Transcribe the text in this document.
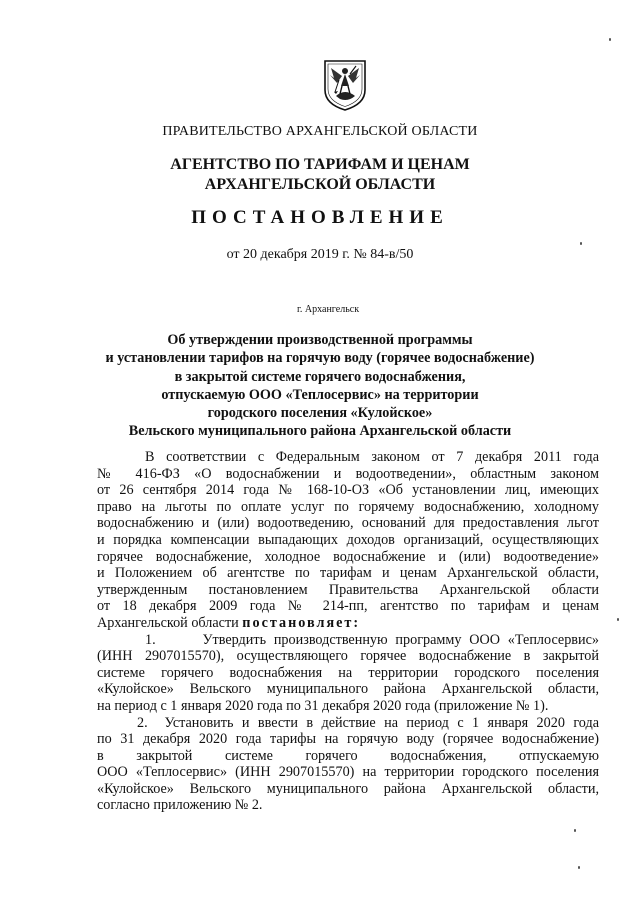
ПРАВИТЕЛЬСТВО АРХАНГЕЛЬСКОЙ ОБЛАСТИ
АГЕНТСТВО ПО ТАРИФАМ И ЦЕНАМ
АРХАНГЕЛЬСКОЙ ОБЛАСТИ
ПОСТАНОВЛЕНИЕ
от 20 декабря 2019 г. № 84-в/50
г. Архангельск
Об утверждении производственной программы
и установлении тарифов на горячую воду (горячее водоснабжение)
в закрытой системе горячего водоснабжения,
отпускаемую ООО «Теплосервис» на территории
городского поселения «Кулойское»
Вельского муниципального района Архангельской области

В соответствии с Федеральным законом от 7 декабря 2011 года

№ 416-ФЗ «О водоснабжении и водоотведении», областным законом

от 26 сентября 2014 года № 168-10-ОЗ «Об установлении лиц, имеющих

право на льготы по оплате услуг по горячему водоснабжению, холодному

водоснабжению и (или) водоотведению, оснований для предоставления льгот

и порядка компенсации выпадающих доходов организаций, осуществляющих

горячее водоснабжение, холодное водоснабжение и (или) водоотведение»

и Положением об агентстве по тарифам и ценам Архангельской области,

утвержденным постановлением Правительства Архангельской области

от 18 декабря 2009 года № 214-пп, агентство по тарифам и ценам

Архангельской области постановляет:

1.      Утвердить производственную программу ООО «Теплосервис»

(ИНН 2907015570), осуществляющего горячее водоснабжение в закрытой

системе горячего водоснабжения на территории городского поселения

«Кулойское» Вельского муниципального района Архангельской области,

на период с 1 января 2020 года по 31 декабря 2020 года (приложение № 1).

2.  Установить и ввести в действие на период с 1 января 2020 года

по 31 декабря 2020 года тарифы на горячую воду (горячее водоснабжение)

в закрытой системе горячего водоснабжения, отпускаемую

ООО «Теплосервис» (ИНН 2907015570) на территории городского поселения

«Кулойское» Вельского муниципального района Архангельской области,

согласно приложению № 2.
